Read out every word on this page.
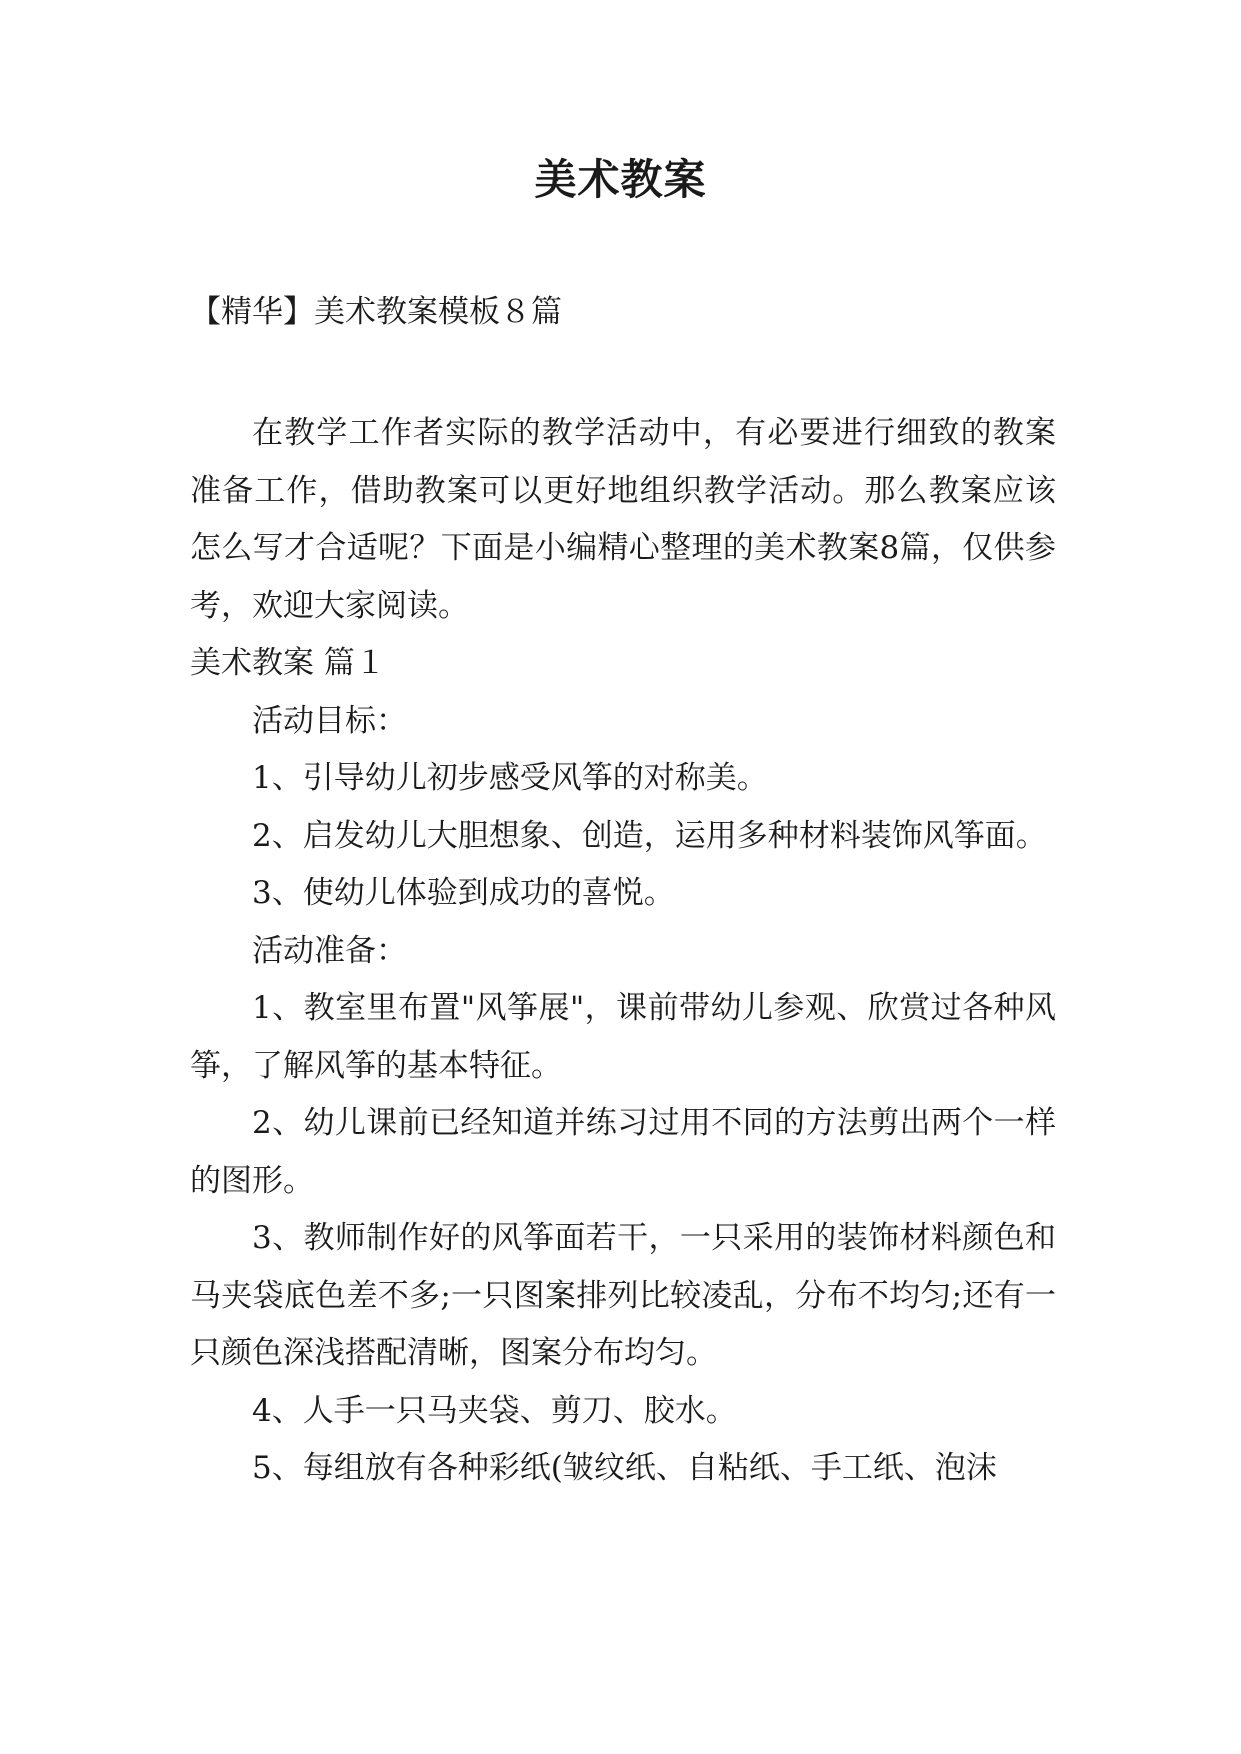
美术教案
【精华】美术教案模板８篇

在教学工作者实际的教学活动中，有必要进行细致的教案准备工作，借助教案可以更好地组织教学活动。那么教案应该怎么写才合适呢？下面是小编精心整理的美术教案8篇，仅供参考，欢迎大家阅读。

美术教案 篇１

活动目标：

1、引导幼儿初步感受风筝的对称美。

2、启发幼儿大胆想象、创造，运用多种材料装饰风筝面。

3、使幼儿体验到成功的喜悦。

活动准备：

1、教室里布置"风筝展"，课前带幼儿参观、欣赏过各种风筝，了解风筝的基本特征。

2、幼儿课前已经知道并练习过用不同的方法剪出两个一样的图形。

3、教师制作好的风筝面若干，一只采用的装饰材料颜色和马夹袋底色差不多;一只图案排列比较凌乱，分布不均匀;还有一只颜色深浅搭配清晰，图案分布均匀。

4、人手一只马夹袋、剪刀、胶水。

5、每组放有各种彩纸(皱纹纸、自粘纸、手工纸、泡沫
